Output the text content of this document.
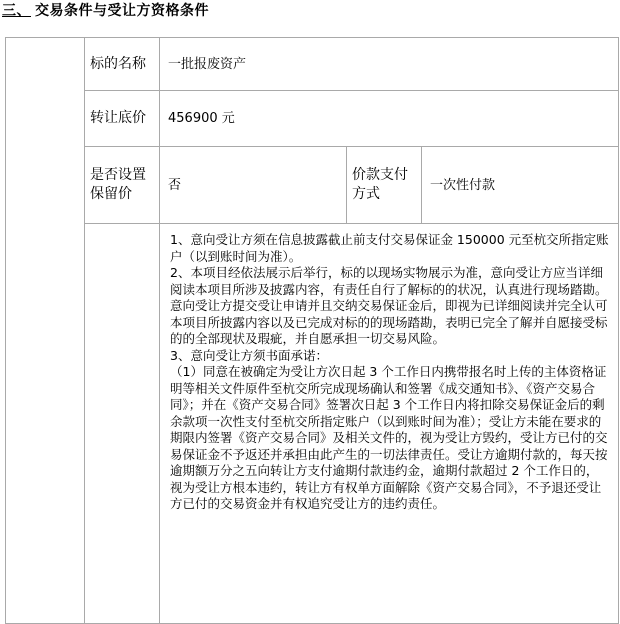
三、 交易条件与受让方资格条件
	标的名称	一批报废资产		
	转让底价	456900 元		
	是否设置保留价	否	价款支付方式	一次性付款

		1、意向受让方须在信息披露截止前支付交易保证金 150000 元至杭交所指定账户（以到账时间为准）。

2、本项目经依法展示后举行，标的以现场实物展示为准，意向受让方应当详细阅读本项目所涉及披露内容，有责任自行了解标的的状况，认真进行现场踏勘。意向受让方提交受让申请并且交纳交易保证金后，即视为已详细阅读并完全认可本项目所披露内容以及已完成对标的的现场踏勘，表明已完全了解并自愿接受标的的全部现状及瑕疵，并自愿承担一切交易风险。

3、意向受让方须书面承诺：

（1）同意在被确定为受让方次日起 3 个工作日内携带报名时上传的主体资格证明等相关文件原件至杭交所完成现场确认和签署《成交通知书》、《资产交易合同》；并在《资产交易合同》签署次日起 3 个工作日内将扣除交易保证金后的剩余款项一次性支付至杭交所指定账户（以到账时间为准）；受让方未能在要求的期限内签署《资产交易合同》及相关文件的，视为受让方毁约，受让方已付的交易保证金不予返还并承担由此产生的一切法律责任。受让方逾期付款的，每天按逾期额万分之五向转让方支付逾期付款违约金，逾期付款超过 2 个工作日的，视为受让方根本违约，转让方有权单方面解除《资产交易合同》，不予退还受让方已付的交易资金并有权追究受让方的违约责任。		
